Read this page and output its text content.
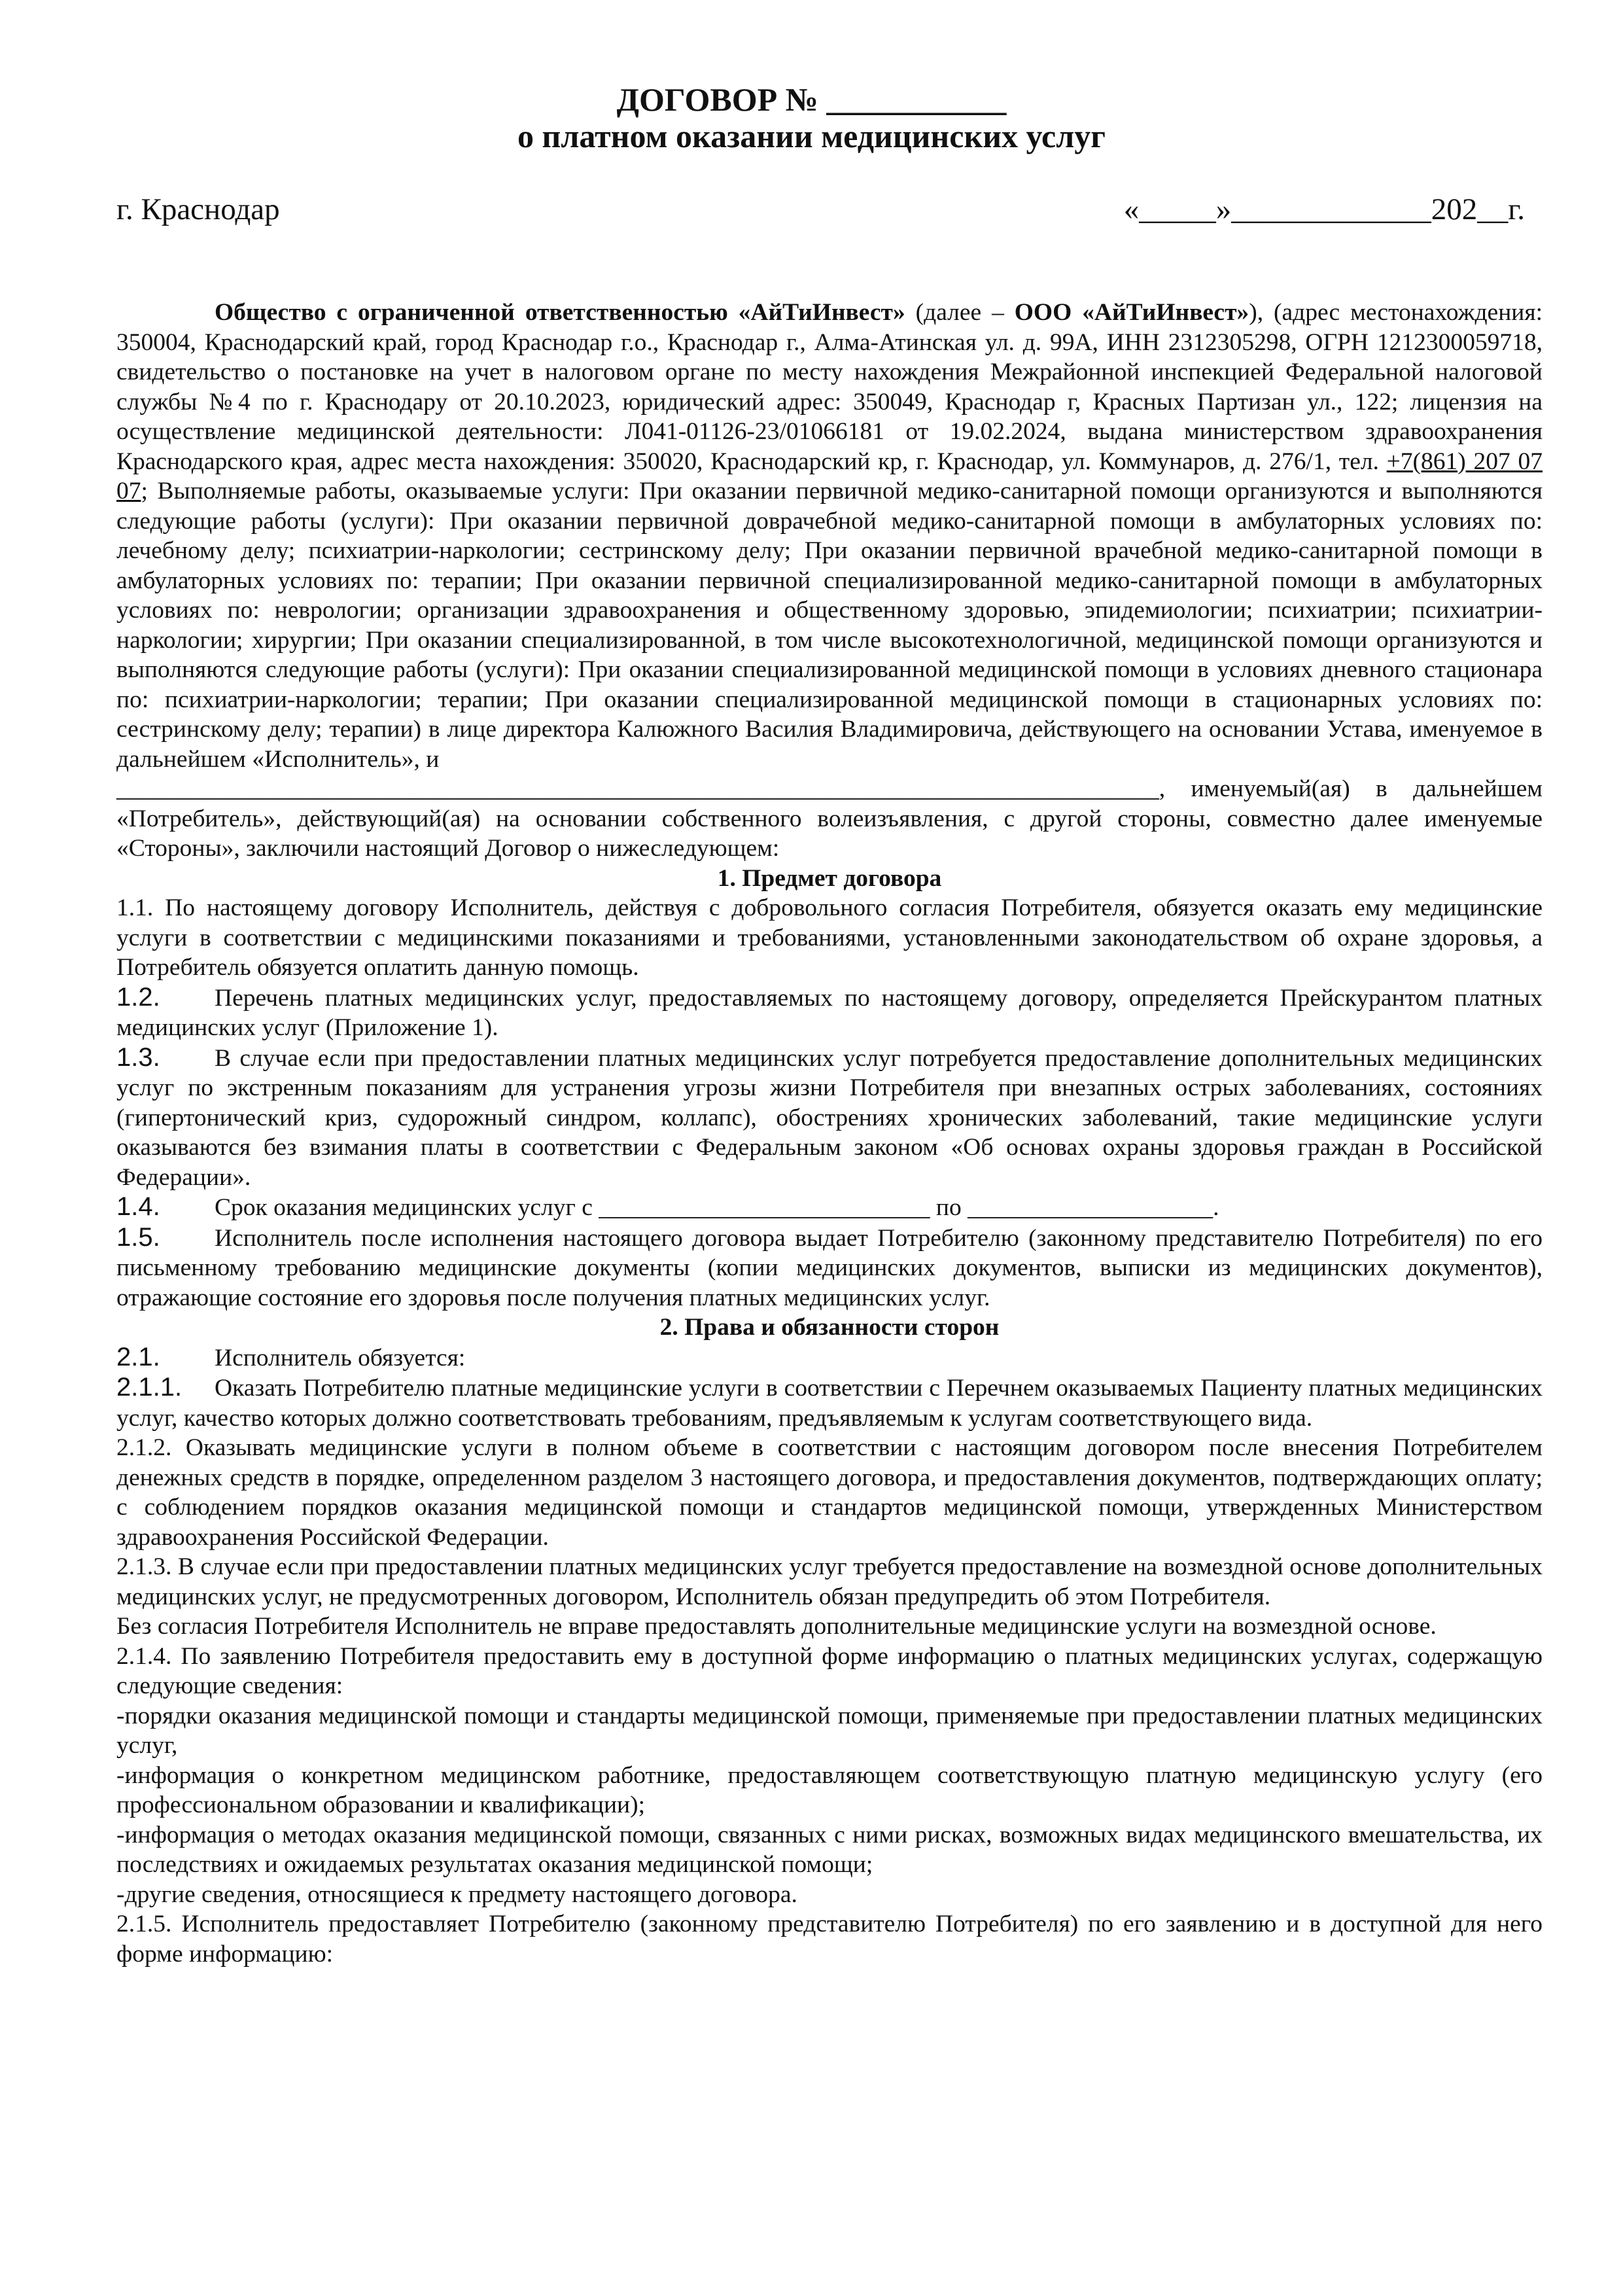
ДОГОВОР № ___________
о платном оказании медицинских услуг
г. Краснодар	«_____»_____________202__г.

Общество с ограниченной ответственностью «АйТиИнвест» (далее – ООО «АйТиИнвест»), (адрес местонахождения: 350004, Краснодарский край, город Краснодар г.о., Краснодар г., Алма-Атинская ул. д. 99А, ИНН 2312305298, ОГРН 1212300059718, свидетельство о постановке на учет в налоговом органе по месту нахождения Межрайонной инспекцией Федеральной налоговой службы №4 по г. Краснодару от 20.10.2023, юридический адрес: 350049, Краснодар г, Красных Партизан ул., 122; лицензия на осуществление медицинской деятельности: Л041-01126-23/01066181 от 19.02.2024, выдана министерством здравоохранения Краснодарского края, адрес места нахождения: 350020, Краснодарский кр, г. Краснодар, ул. Коммунаров, д. 276/1, тел. +7(861) 207 07 07; Выполняемые работы, оказываемые услуги: При оказании первичной медико-санитарной помощи организуются и выполняются следующие работы (услуги): При оказании первичной доврачебной медико-санитарной помощи в амбулаторных условиях по: лечебному делу; психиатрии-наркологии; сестринскому делу; При оказании первичной врачебной медико-санитарной помощи в амбулаторных условиях по: терапии; При оказании первичной специализированной медико-санитарной помощи в амбулаторных условиях по: неврологии; организации здравоохранения и общественному здоровью, эпидемиологии; психиатрии; психиатрии-наркологии; хирургии; При оказании специализированной, в том числе высокотехнологичной, медицинской помощи организуются и выполняются следующие работы (услуги): При оказании специализированной медицинской помощи в условиях дневного стационара по: психиатрии-наркологии; терапии; При оказании специализированной медицинской помощи в стационарных условиях по: сестринскому делу; терапии) в лице директора Калюжного Василия Владимировича, действующего на основании Устава, именуемое в дальнейшем «Исполнитель», и

_____________________________________________________________________________________, именуемый(ая) в дальнейшем «Потребитель», действующий(ая) на основании собственного волеизъявления, с другой стороны, совместно далее именуемые «Стороны», заключили настоящий Договор о нижеследующем:

1. Предмет договора

1.1. По настоящему договору Исполнитель, действуя с добровольного согласия Потребителя, обязуется оказать ему медицинские услуги в соответствии с медицинскими показаниями и требованиями, установленными законодательством об охране здоровья, а Потребитель обязуется оплатить данную помощь.

1.2. Перечень платных медицинских услуг, предоставляемых по настоящему договору, определяется Прейскурантом платных медицинских услуг (Приложение 1).

1.3. В случае если при предоставлении платных медицинских услуг потребуется предоставление дополнительных медицинских услуг по экстренным показаниям для устранения угрозы жизни Потребителя при внезапных острых заболеваниях, состояниях (гипертонический криз, судорожный синдром, коллапс), обострениях хронических заболеваний, такие медицинские услуги оказываются без взимания платы в соответствии с Федеральным законом «Об основах охраны здоровья граждан в Российской Федерации».

1.4. Срок оказания медицинских услуг с ___________________________ по ____________________.

1.5. Исполнитель после исполнения настоящего договора выдает Потребителю (законному представителю Потребителя) по его письменному требованию медицинские документы (копии медицинских документов, выписки из медицинских документов), отражающие состояние его здоровья после получения платных медицинских услуг.

2. Права и обязанности сторон

2.1. Исполнитель обязуется:

2.1.1. Оказать Потребителю платные медицинские услуги в соответствии с Перечнем оказываемых Пациенту платных медицинских услуг, качество которых должно соответствовать требованиям, предъявляемым к услугам соответствующего вида.

2.1.2. Оказывать медицинские услуги в полном объеме в соответствии с настоящим договором после внесения Потребителем денежных средств в порядке, определенном разделом 3 настоящего договора, и предоставления документов, подтверждающих оплату; с соблюдением порядков оказания медицинской помощи и стандартов медицинской помощи, утвержденных Министерством здравоохранения Российской Федерации.

2.1.3. В случае если при предоставлении платных медицинских услуг требуется предоставление на возмездной основе дополнительных медицинских услуг, не предусмотренных договором, Исполнитель обязан предупредить об этом Потребителя.

Без согласия Потребителя Исполнитель не вправе предоставлять дополнительные медицинские услуги на возмездной основе.

2.1.4. По заявлению Потребителя предоставить ему в доступной форме информацию о платных медицинских услугах, содержащую следующие сведения:

-порядки оказания медицинской помощи и стандарты медицинской помощи, применяемые при предоставлении платных медицинских услуг,

-информация о конкретном медицинском работнике, предоставляющем соответствующую платную медицинскую услугу (его профессиональном образовании и квалификации);

-информация о методах оказания медицинской помощи, связанных с ними рисках, возможных видах медицинского вмешательства, их последствиях и ожидаемых результатах оказания медицинской помощи;

-другие сведения, относящиеся к предмету настоящего договора.

2.1.5. Исполнитель предоставляет Потребителю (законному представителю Потребителя) по его заявлению и в доступной для него форме информацию:
